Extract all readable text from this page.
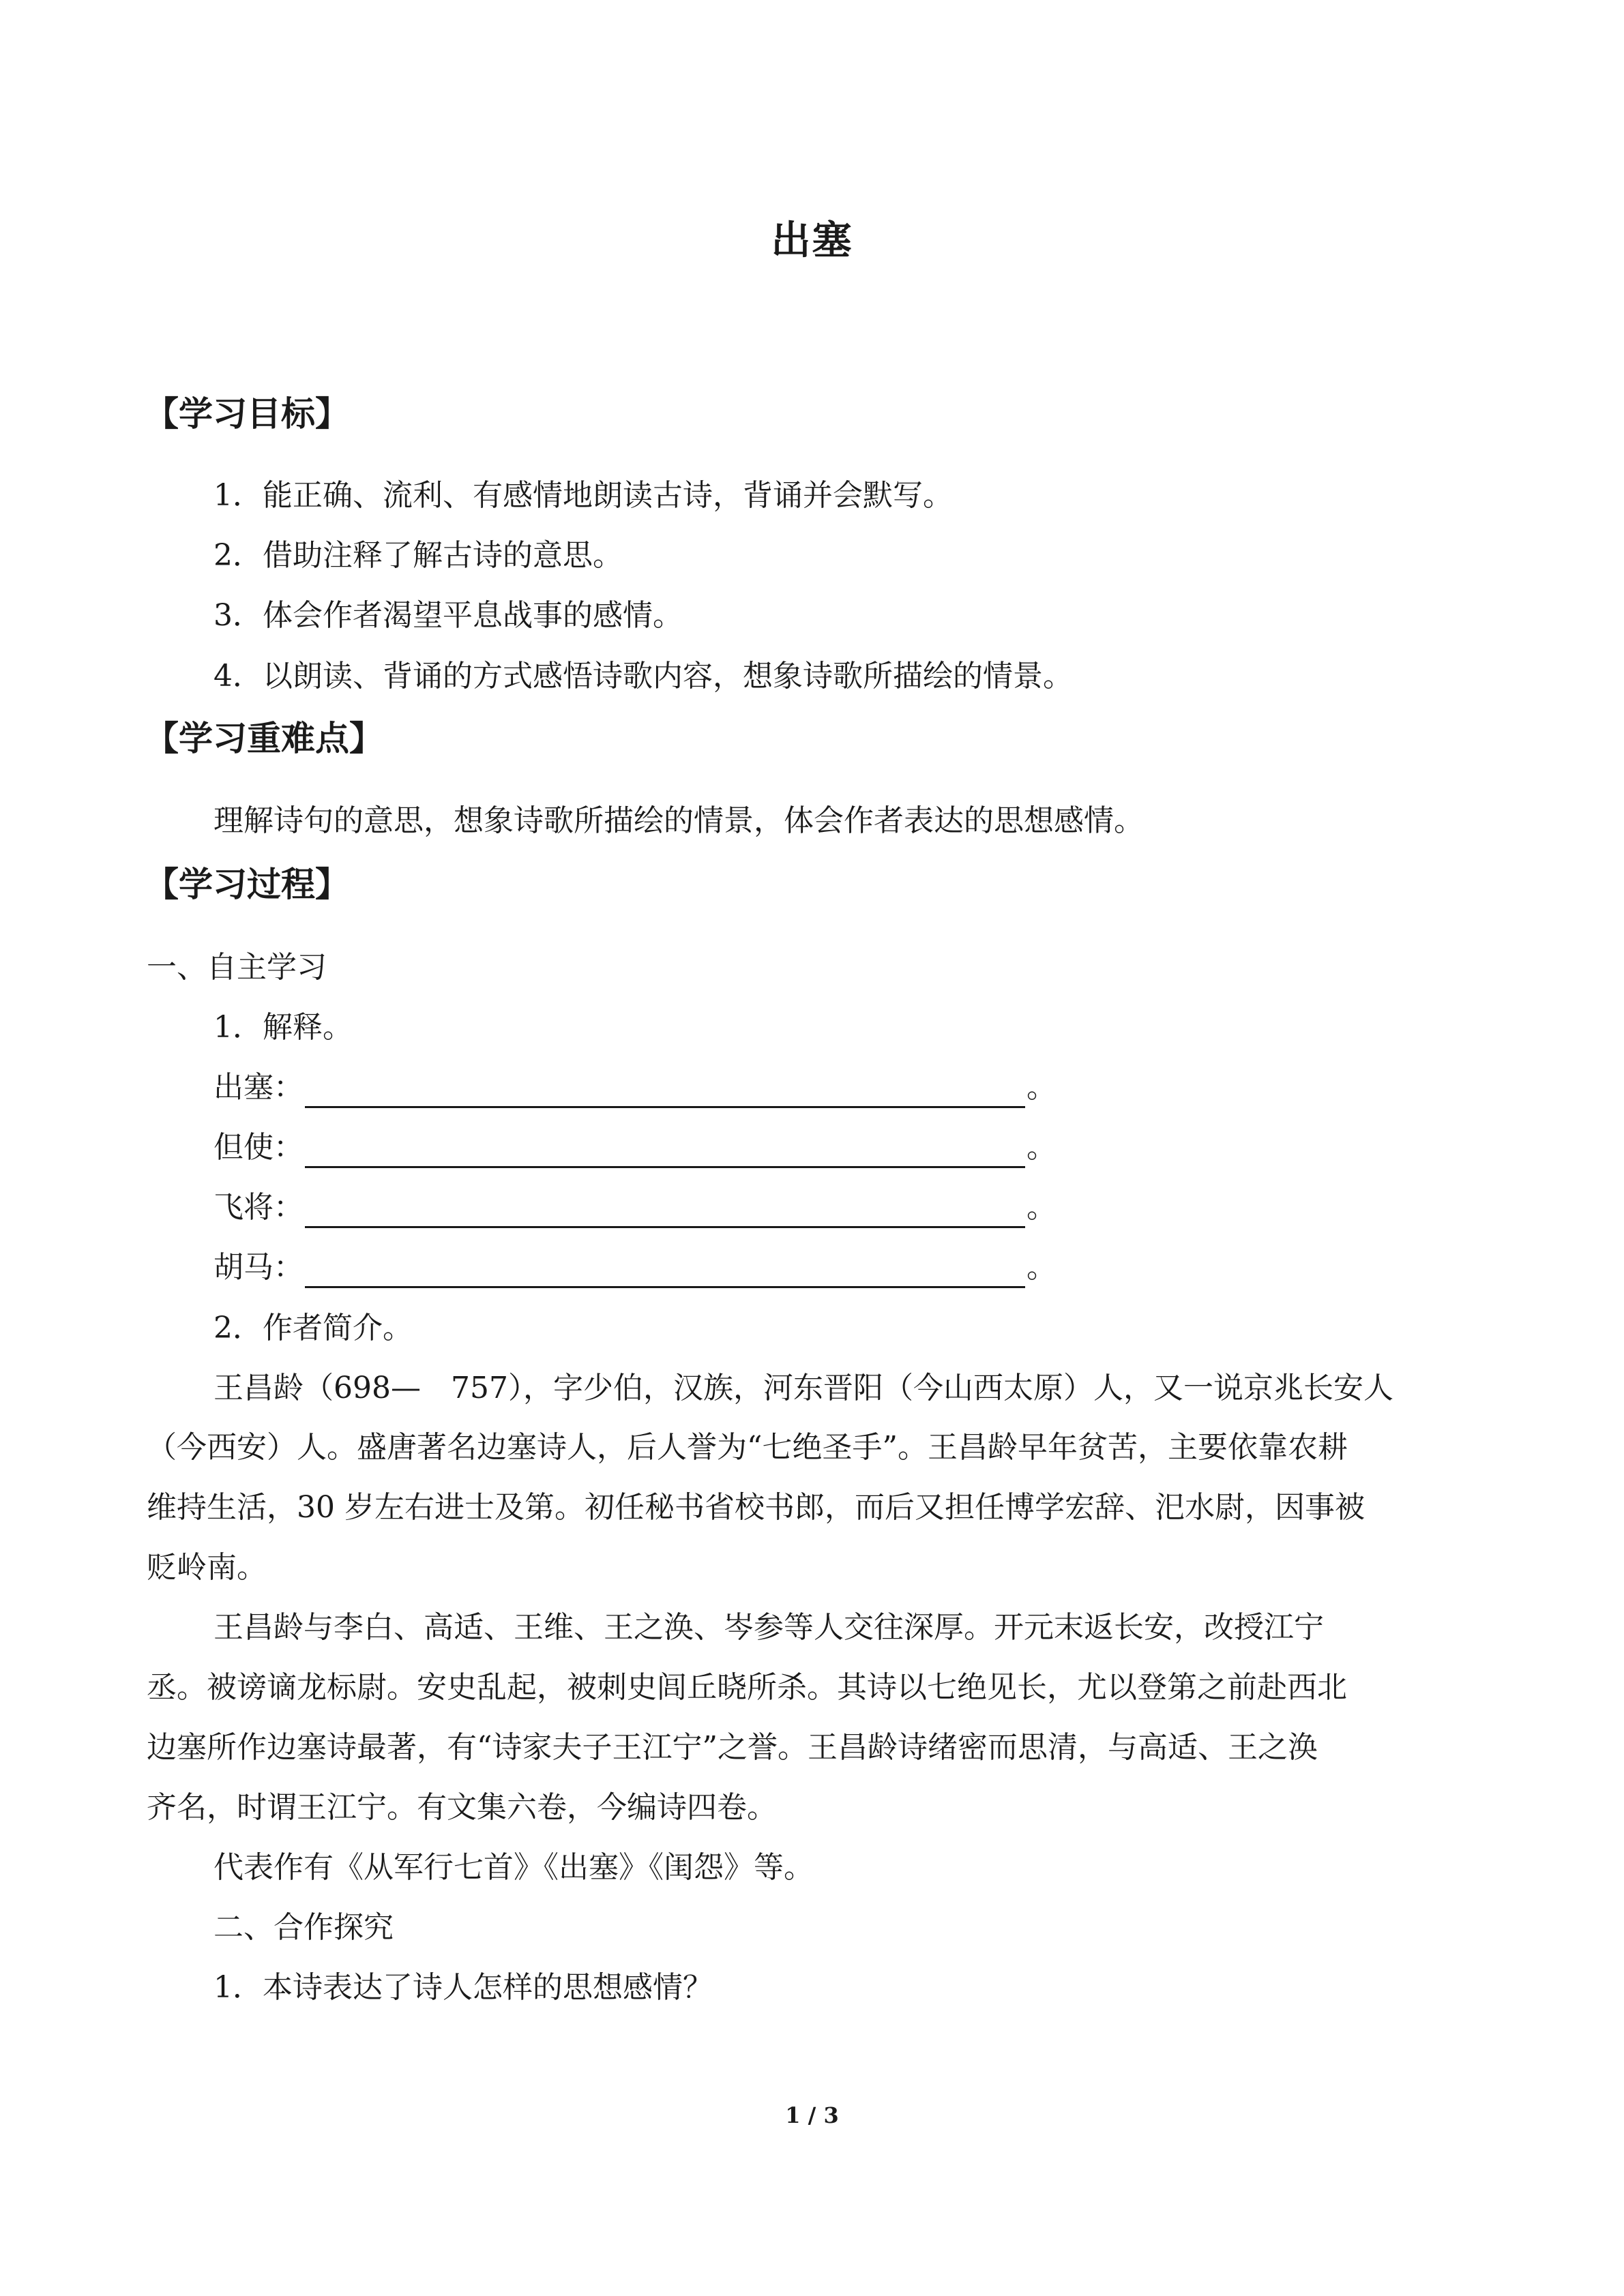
出塞
【学习目标】
1．能正确、流利、有感情地朗读古诗，背诵并会默写。
2．借助注释了解古诗的意思。
3．体会作者渴望平息战事的感情。
4．以朗读、背诵的方式感悟诗歌内容，想象诗歌所描绘的情景。
【学习重难点】
理解诗句的意思，想象诗歌所描绘的情景，体会作者表达的思想感情。
【学习过程】
一、自主学习
1．解释。
出塞：	。
但使：	。
飞将：	。
胡马：	。
2．作者简介。
王昌龄（698—　757），字少伯，汉族，河东晋阳（今山西太原）人，又一说京兆长安人
（今西安）人。盛唐著名边塞诗人，后人誉为“七绝圣手”。王昌龄早年贫苦，主要依靠农耕
维持生活，30 岁左右进士及第。初任秘书省校书郎，而后又担任博学宏辞、汜水尉，因事被
贬岭南。
王昌龄与李白、高适、王维、王之涣、岑参等人交往深厚。开元末返长安，改授江宁
丞。被谤谪龙标尉。安史乱起，被刺史闾丘晓所杀。其诗以七绝见长，尤以登第之前赴西北
边塞所作边塞诗最著，有“诗家夫子王江宁”之誉。王昌龄诗绪密而思清，与高适、王之涣
齐名，时谓王江宁。有文集六卷，今编诗四卷。
代表作有《从军行七首》《出塞》《闺怨》等。
二、合作探究
1．本诗表达了诗人怎样的思想感情？
1 / 3
